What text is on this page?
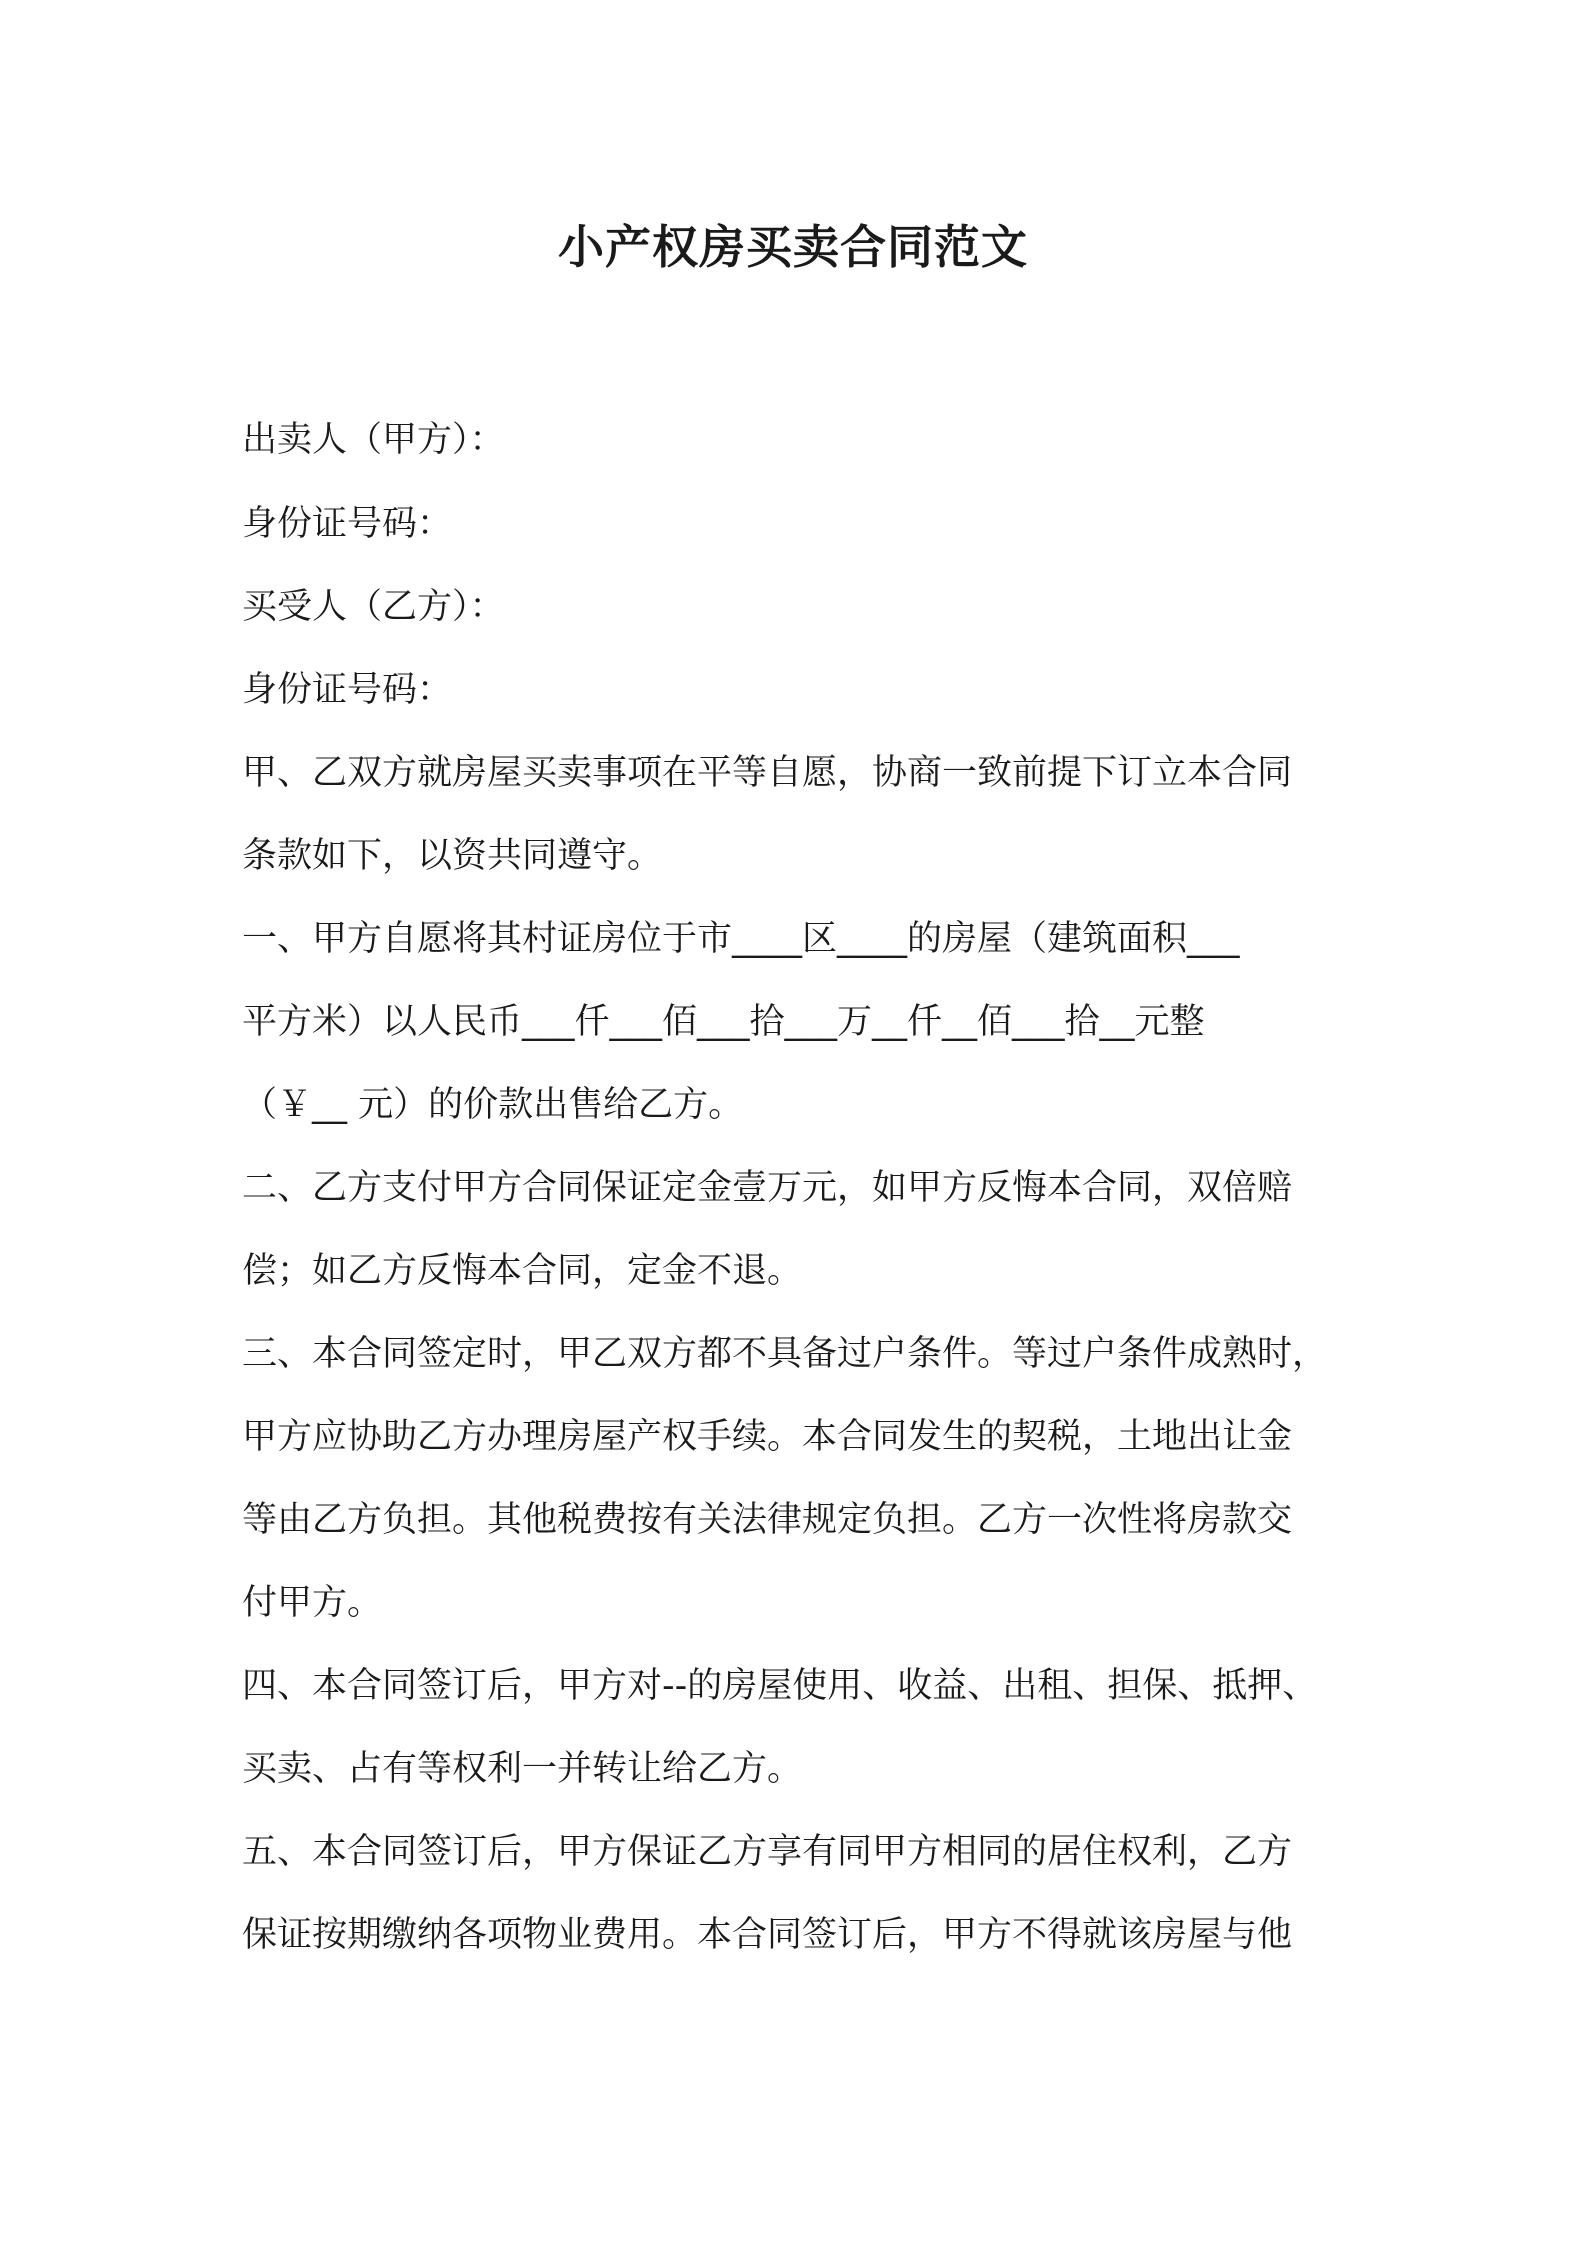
小产权房买卖合同范文

出卖人（甲方）：

身份证号码：

买受人（乙方）：

身份证号码：

甲、乙双方就房屋买卖事项在平等自愿，协商一致前提下订立本合同

条款如下，以资共同遵守。

一、甲方自愿将其村证房位于市____区____的房屋（建筑面积___

平方米）以人民币___仟___佰___拾___万__仟__佰___拾__元整

（￥__ 元）的价款出售给乙方。

二、乙方支付甲方合同保证定金壹万元，如甲方反悔本合同，双倍赔

偿；如乙方反悔本合同，定金不退。

三、本合同签定时，甲乙双方都不具备过户条件。等过户条件成熟时，

甲方应协助乙方办理房屋产权手续。本合同发生的契税，土地出让金

等由乙方负担。其他税费按有关法律规定负担。乙方一次性将房款交

付甲方。

四、本合同签订后，甲方对--的房屋使用、收益、出租、担保、抵押、

买卖、占有等权利一并转让给乙方。

五、本合同签订后，甲方保证乙方享有同甲方相同的居住权利，乙方

保证按期缴纳各项物业费用。本合同签订后，甲方不得就该房屋与他
